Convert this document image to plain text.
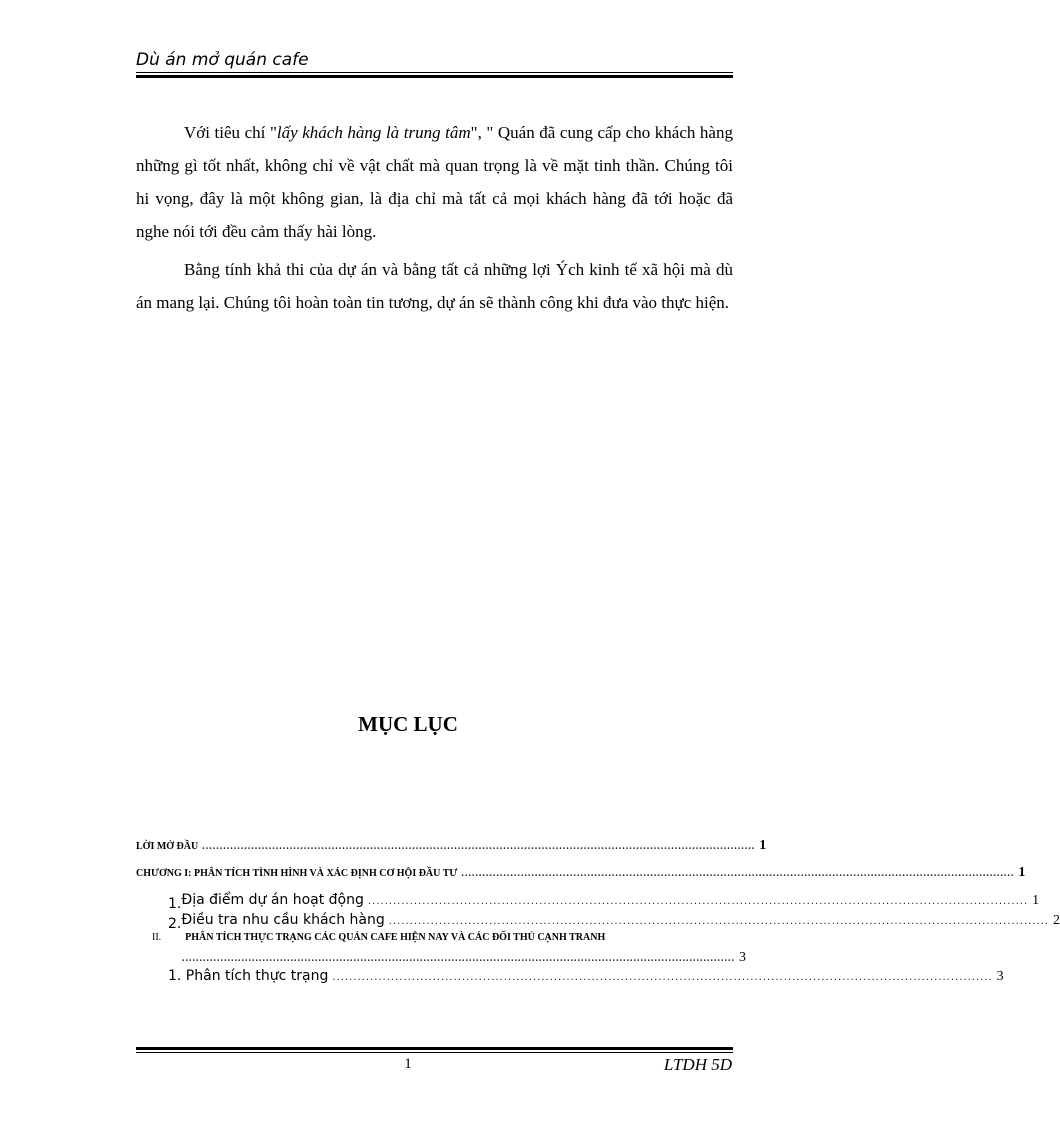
Dù án mở quán cafe

Với tiêu chí "lấy khách hàng là trung tâm", " Quán đã cung cấp cho khách hàng những gì tốt nhất, không chỉ về vật chất mà quan trọng là về mặt tinh thần. Chúng tôi hi vọng, đây là một không gian, là địa chỉ mà tất cả mọi khách hàng đã tới hoặc đã nghe nói tới đều cảm thấy hài lòng.

Bằng tính khả thi của dự án và bằng tất cả những lợi Ých kinh tế xã hội mà dù án mang lại. Chúng tôi hoàn toàn tin tương, dự án sẽ thành công khi đưa vào thực hiện.

MỤC LỤC
LỜI MỞ ĐẦU .............................................................................................................................................................. 1
CHƯƠNG I: PHÂN TÍCH TÌNH HÌNH VÀ XÁC ĐỊNH CƠ HỘI ĐẦU TƯ .............................................................................................................................................................. 1
1. Địa điểm dự án hoạt động .............................................................................................................................................................. 1
2. Điều tra nhu cầu khách hàng .............................................................................................................................................................. 2
II. PHÂN TÍCH THỰC TRẠNG CÁC QUÁN CAFE HIỆN NAY VÀ CÁC ĐỐI THỦ CẠNH TRANH
.............................................................................................................................................................. 3
1. Phân tích thực trạng .............................................................................................................................................................. 3
1	LTDH 5D
